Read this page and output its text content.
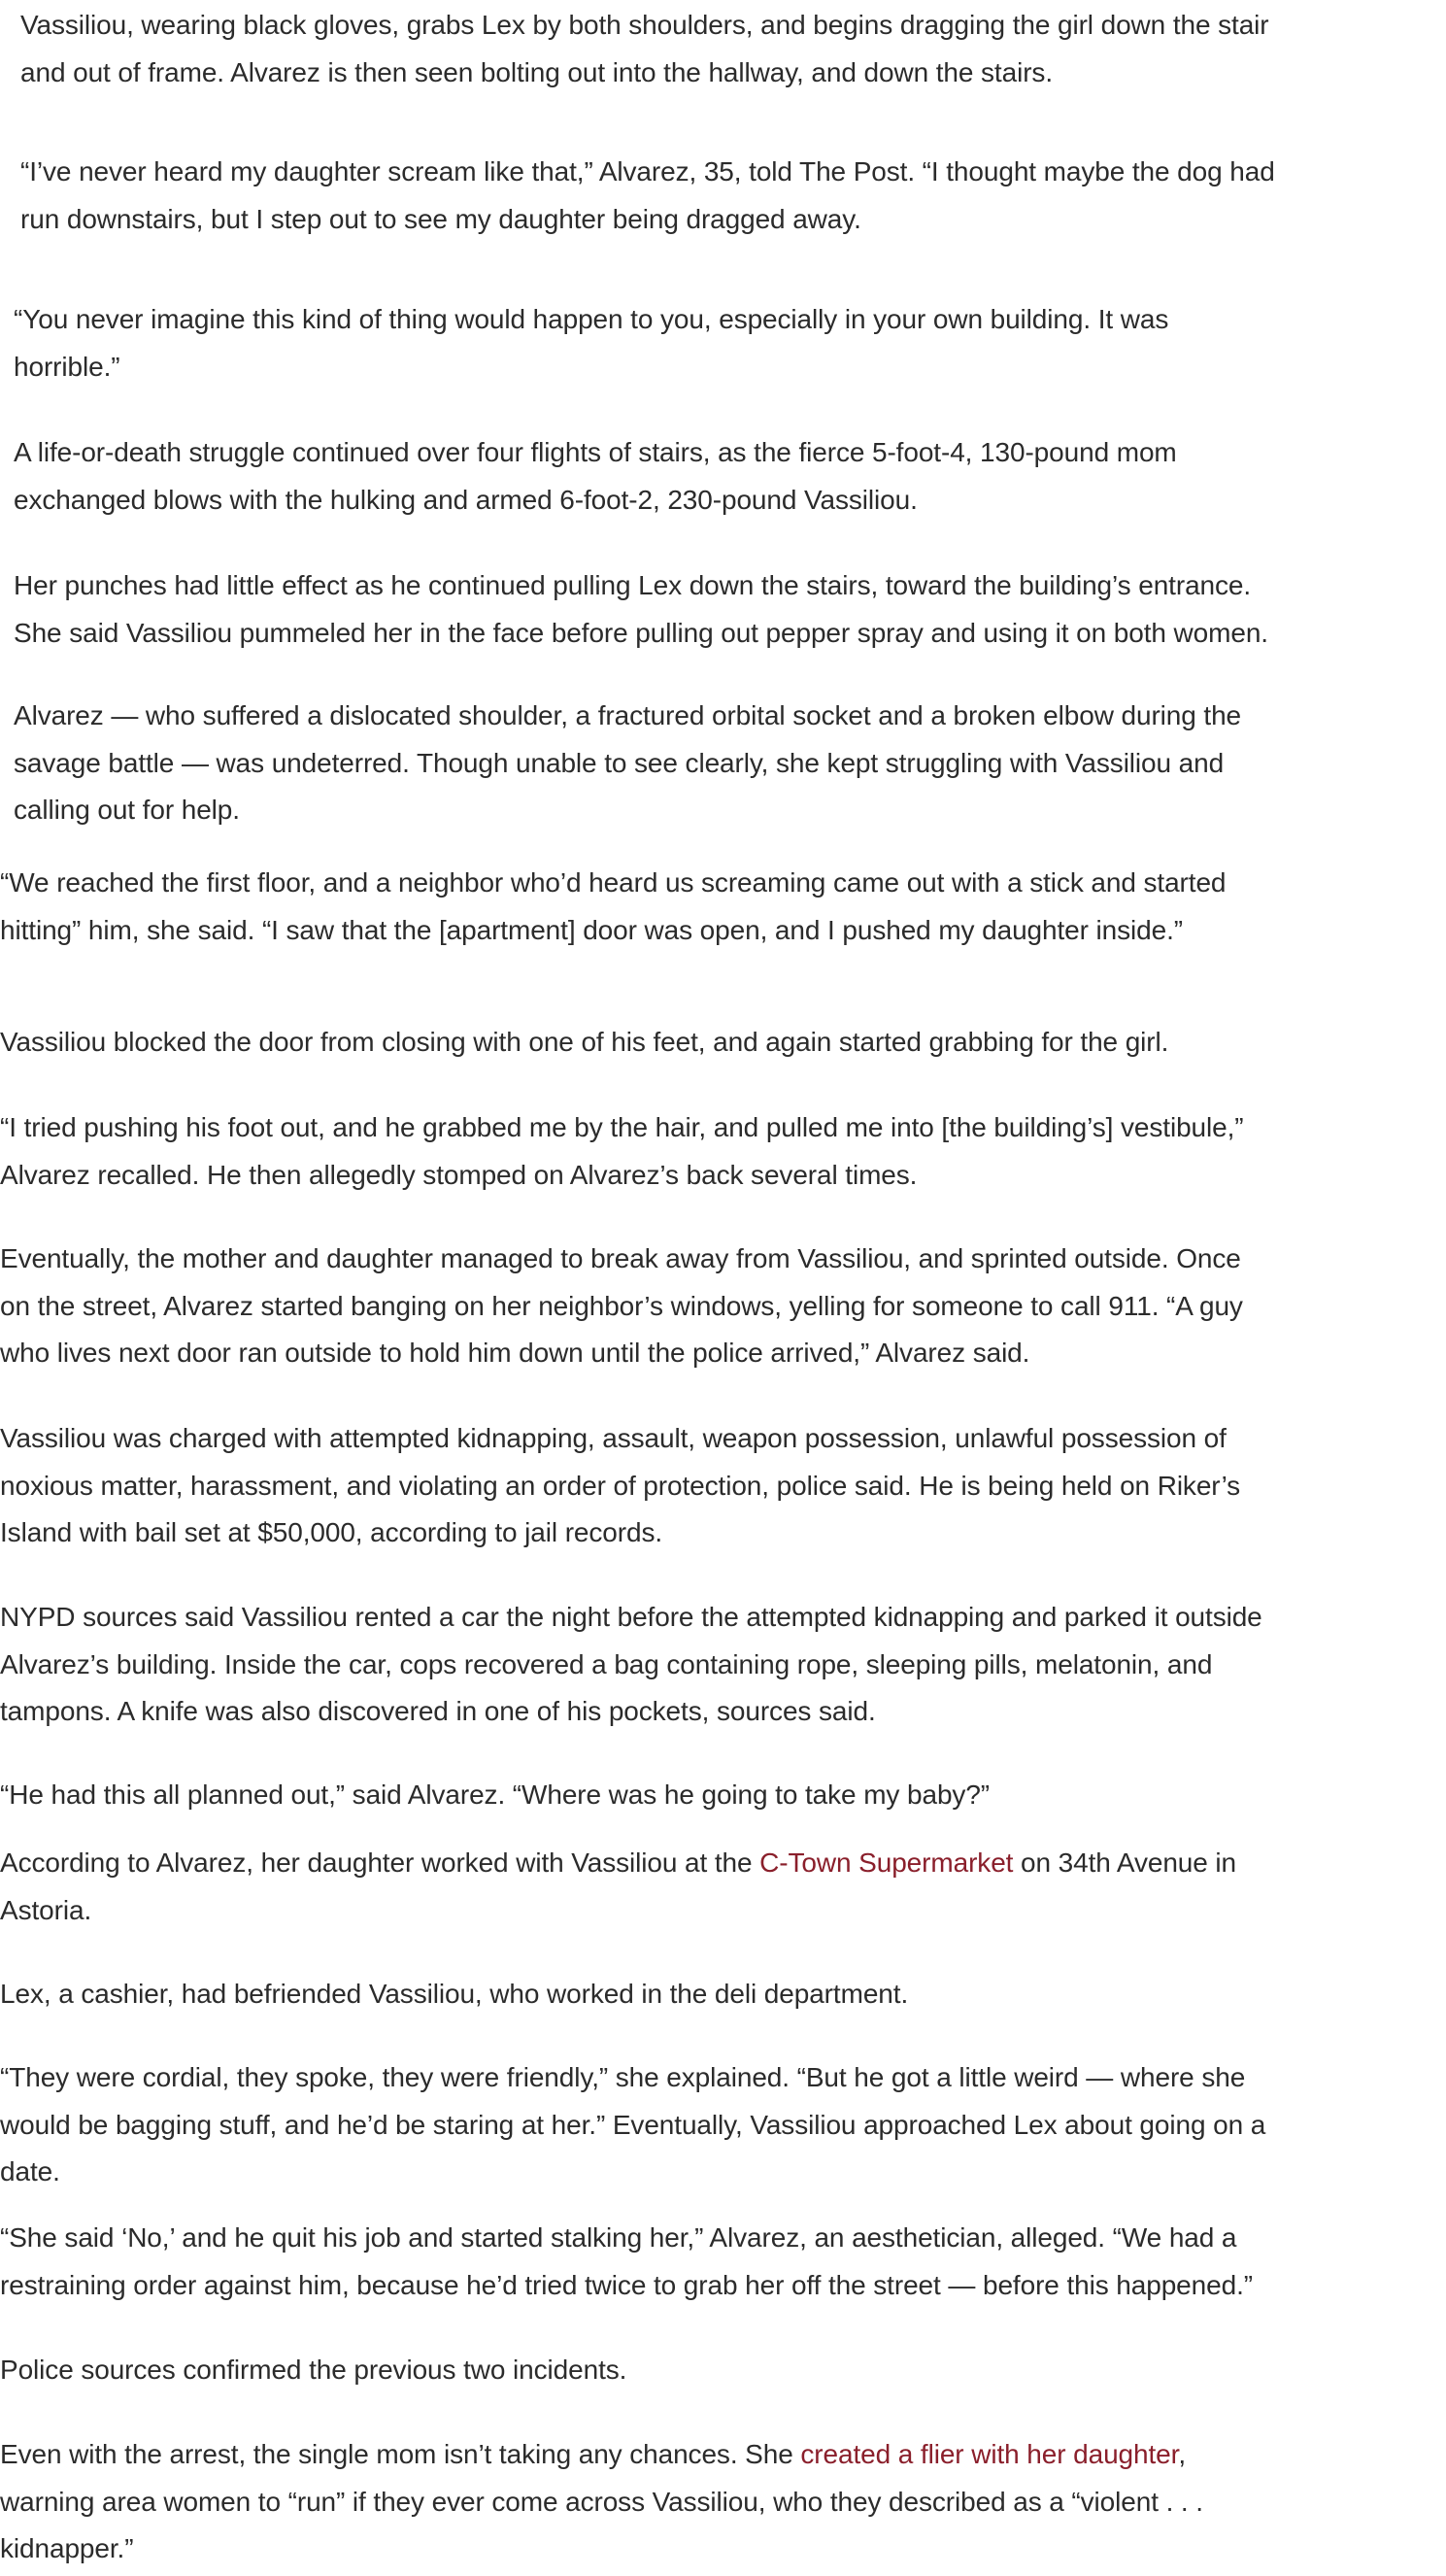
Vassiliou, wearing black gloves, grabs Lex by both shoulders, and begins dragging the girl down the stair
and out of frame. Alvarez is then seen bolting out into the hallway, and down the stairs.

“I’ve never heard my daughter scream like that,” Alvarez, 35, told The Post. “I thought maybe the dog had
run downstairs, but I step out to see my daughter being dragged away.

“You never imagine this kind of thing would happen to you, especially in your own building. It was
horrible.”

A life-or-death struggle continued over four flights of stairs, as the fierce 5-foot-4, 130-pound mom
exchanged blows with the hulking and armed 6-foot-2, 230-pound Vassiliou.

Her punches had little effect as he continued pulling Lex down the stairs, toward the building’s entrance.
She said Vassiliou pummeled her in the face before pulling out pepper spray and using it on both women.

Alvarez — who suffered a dislocated shoulder, a fractured orbital socket and a broken elbow during the
savage battle — was undeterred. Though unable to see clearly, she kept struggling with Vassiliou and
calling out for help.

“We reached the first floor, and a neighbor who’d heard us screaming came out with a stick and started
hitting” him, she said. “I saw that the [apartment] door was open, and I pushed my daughter inside.”

Vassiliou blocked the door from closing with one of his feet, and again started grabbing for the girl.

“I tried pushing his foot out, and he grabbed me by the hair, and pulled me into [the building’s] vestibule,”
Alvarez recalled. He then allegedly stomped on Alvarez’s back several times.

Eventually, the mother and daughter managed to break away from Vassiliou, and sprinted outside. Once
on the street, Alvarez started banging on her neighbor’s windows, yelling for someone to call 911. “A guy
who lives next door ran outside to hold him down until the police arrived,” Alvarez said.

Vassiliou was charged with attempted kidnapping, assault, weapon possession, unlawful possession of
noxious matter, harassment, and violating an order of protection, police said. He is being held on Riker’s
Island with bail set at $50,000, according to jail records.

NYPD sources said Vassiliou rented a car the night before the attempted kidnapping and parked it outside
Alvarez’s building. Inside the car, cops recovered a bag containing rope, sleeping pills, melatonin, and
tampons. A knife was also discovered in one of his pockets, sources said.

“He had this all planned out,” said Alvarez. “Where was he going to take my baby?”

According to Alvarez, her daughter worked with Vassiliou at the C-Town Supermarket on 34th Avenue in
Astoria.

Lex, a cashier, had befriended Vassiliou, who worked in the deli department.

“They were cordial, they spoke, they were friendly,” she explained. “But he got a little weird — where she
would be bagging stuff, and he’d be staring at her.” Eventually, Vassiliou approached Lex about going on a
date.

“She said ‘No,’ and he quit his job and started stalking her,” Alvarez, an aesthetician, alleged. “We had a
restraining order against him, because he’d tried twice to grab her off the street — before this happened.”

Police sources confirmed the previous two incidents.

Even with the arrest, the single mom isn’t taking any chances. She created a flier with her daughter,
warning area women to “run” if they ever come across Vassiliou, who they described as a “violent . . .
kidnapper.”
